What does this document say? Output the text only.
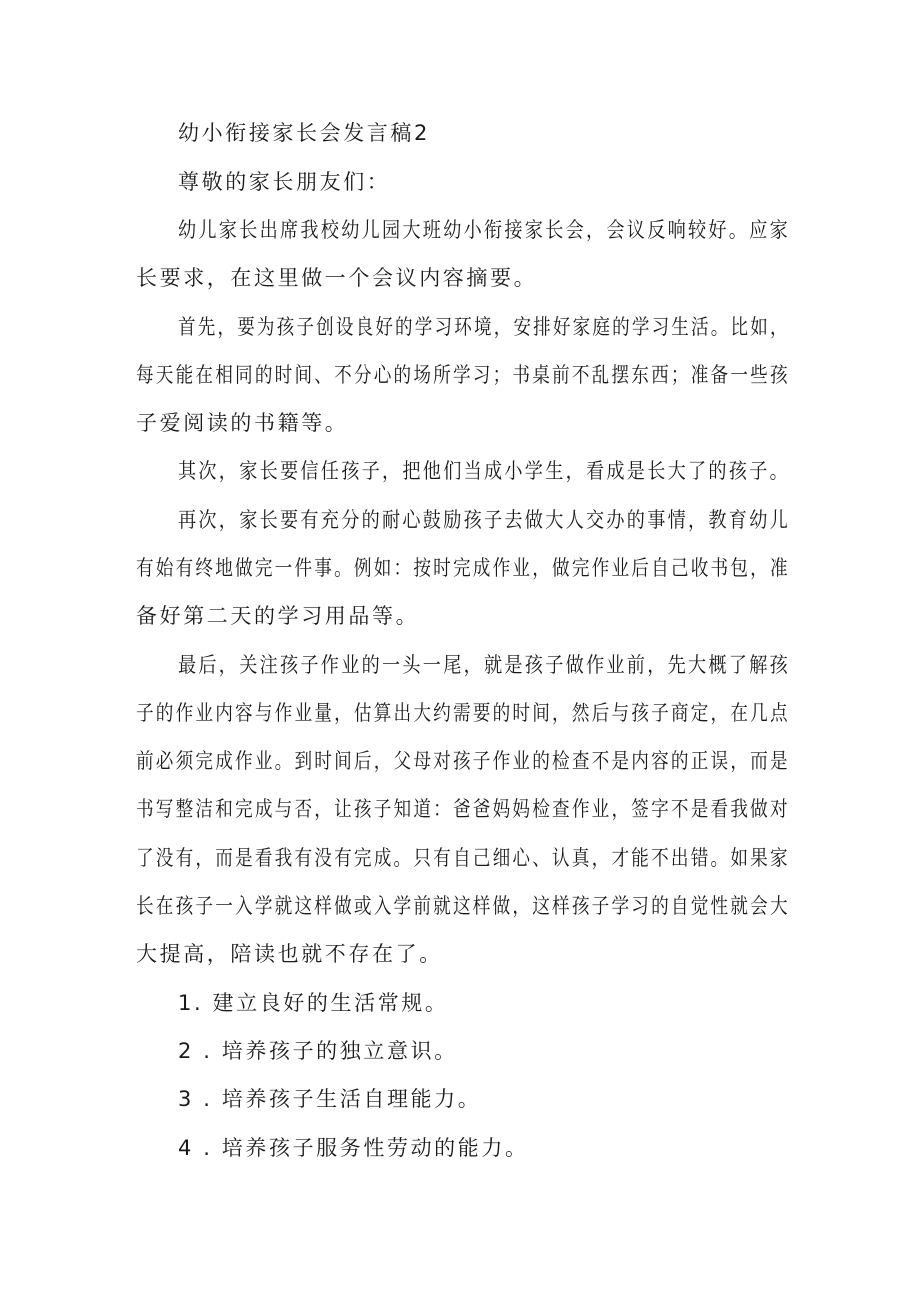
幼小衔接家长会发言稿2
尊敬的家长朋友们：
幼儿家长出席我校幼儿园大班幼小衔接家长会，会议反响较好。应家
长要求，在这里做一个会议内容摘要。
首先，要为孩子创设良好的学习环境，安排好家庭的学习生活。比如，
每天能在相同的时间、不分心的场所学习；书桌前不乱摆东西；准备一些孩
子爱阅读的书籍等。
其次，家长要信任孩子，把他们当成小学生，看成是长大了的孩子。
再次，家长要有充分的耐心鼓励孩子去做大人交办的事情，教育幼儿
有始有终地做完一件事。例如：按时完成作业，做完作业后自己收书包，准
备好第二天的学习用品等。
最后，关注孩子作业的一头一尾，就是孩子做作业前，先大概了解孩
子的作业内容与作业量，估算出大约需要的时间，然后与孩子商定，在几点
前必须完成作业。到时间后，父母对孩子作业的检查不是内容的正误，而是
书写整洁和完成与否，让孩子知道：爸爸妈妈检查作业，签字不是看我做对
了没有，而是看我有没有完成。只有自己细心、认真，才能不出错。如果家
长在孩子一入学就这样做或入学前就这样做，这样孩子学习的自觉性就会大
大提高，陪读也就不存在了。
1. 建立良好的生活常规。
2 . 培养孩子的独立意识。
3 . 培养孩子生活自理能力。
4 . 培养孩子服务性劳动的能力。
